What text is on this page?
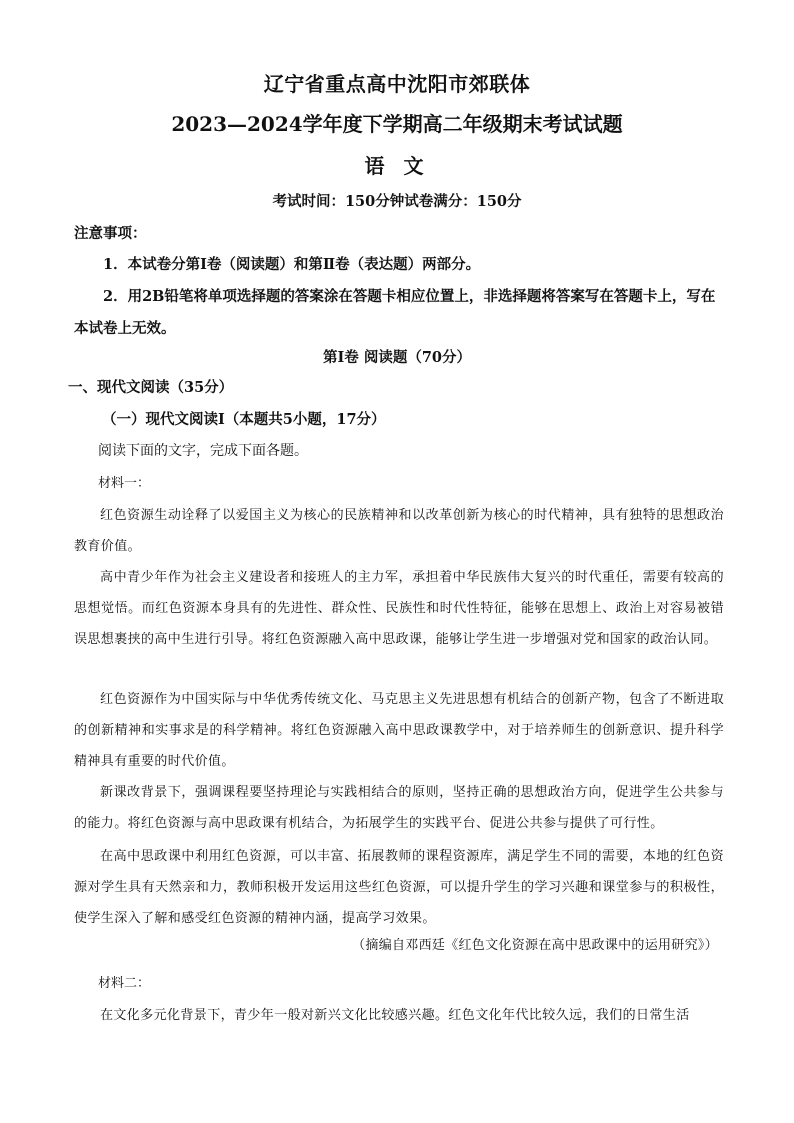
辽宁省重点高中沈阳市郊联体
2023—2024学年度下学期高二年级期末考试试题
语 文
考试时间：150分钟试卷满分：150分
注意事项：
1．本试卷分第Ⅰ卷（阅读题）和第Ⅱ卷（表达题）两部分。
2．用2B铅笔将单项选择题的答案涂在答题卡相应位置上，非选择题将答案写在答题卡上，写在本试卷上无效。
第Ⅰ卷 阅读题（70分）
一、现代文阅读（35分）
（一）现代文阅读Ⅰ（本题共5小题，17分）
阅读下面的文字，完成下面各题。
材料一：
红色资源生动诠释了以爱国主义为核心的民族精神和以改革创新为核心的时代精神，具有独特的思想政治教育价值。
高中青少年作为社会主义建设者和接班人的主力军，承担着中华民族伟大复兴的时代重任，需要有较高的思想觉悟。而红色资源本身具有的先进性、群众性、民族性和时代性特征，能够在思想上、政治上对容易被错误思想裹挟的高中生进行引导。将红色资源融入高中思政课，能够让学生进一步增强对党和国家的政治认同。
红色资源作为中国实际与中华优秀传统文化、马克思主义先进思想有机结合的创新产物，包含了不断进取的创新精神和实事求是的科学精神。将红色资源融入高中思政课教学中，对于培养师生的创新意识、提升科学精神具有重要的时代价值。
新课改背景下，强调课程要坚持理论与实践相结合的原则，坚持正确的思想政治方向，促进学生公共参与的能力。将红色资源与高中思政课有机结合，为拓展学生的实践平台、促进公共参与提供了可行性。
在高中思政课中利用红色资源，可以丰富、拓展教师的课程资源库，满足学生不同的需要，本地的红色资源对学生具有天然亲和力，教师积极开发运用这些红色资源，可以提升学生的学习兴趣和课堂参与的积极性，使学生深入了解和感受红色资源的精神内涵，提高学习效果。
（摘编自邓西廷《红色文化资源在高中思政课中的运用研究》）
材料二：
在文化多元化背景下，青少年一般对新兴文化比较感兴趣。红色文化年代比较久远，我们的日常生活
